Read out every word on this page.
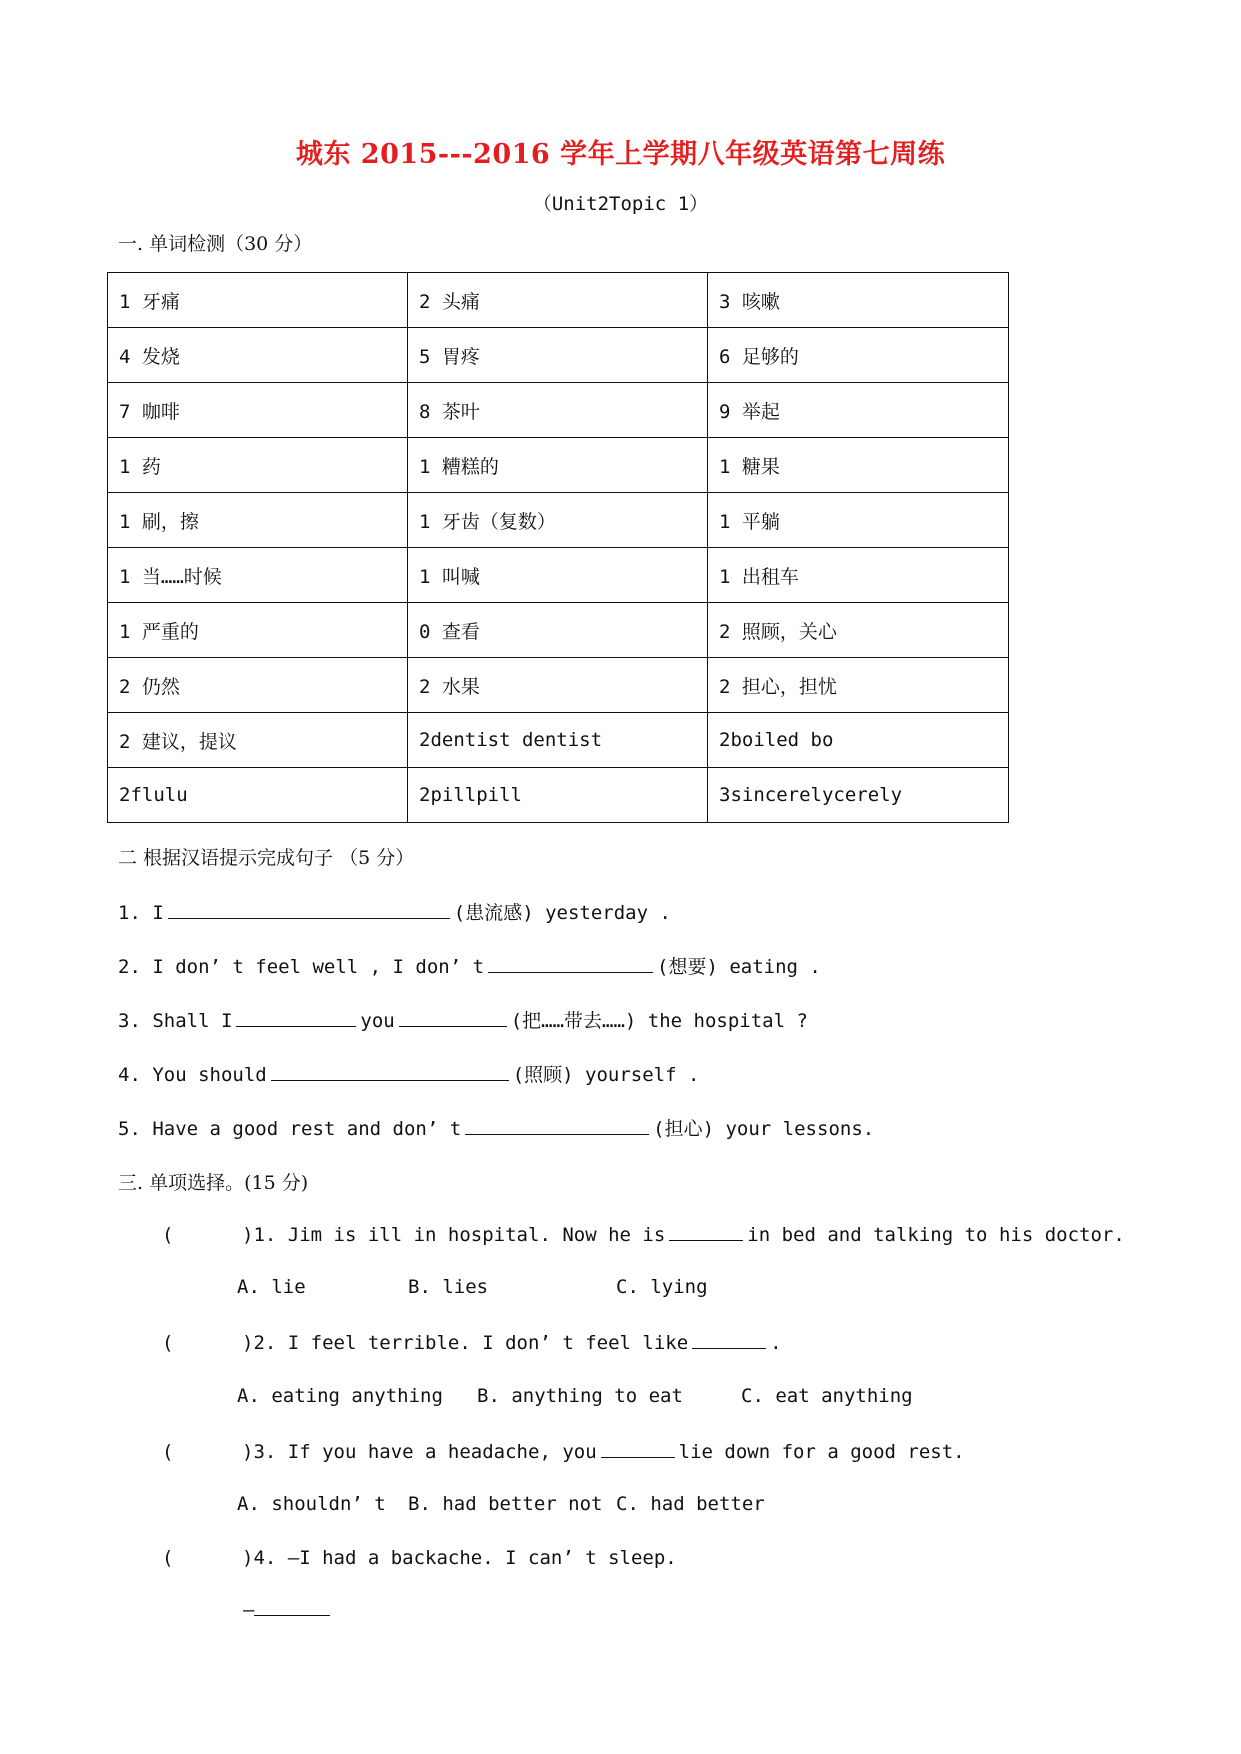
城东 2015---2016 学年上学期八年级英语第七周练
（Unit2Topic 1）
一. 单词检测（30 分）
1 牙痛	2 头痛	3 咳嗽
4 发烧	5 胃疼	6 足够的
7 咖啡	8 茶叶	9 举起
1 药	1 糟糕的	1 糖果
1 刷，擦	1 牙齿（复数）	1 平躺
1 当……时候	1 叫喊	1 出租车
1 严重的	0 查看	2 照顾，关心
2 仍然	2 水果	2 担心，担忧
2 建议，提议	2dentist dentist	2boiled bo
2flulu	2pillpill	3sincerelycerely
二 根据汉语提示完成句子 （5 分）
1. I	(患流感) yesterday .
2. I don’ t feel well , I don’ t	(想要) eating .
3. Shall I	you	(把……带去……) the hospital ?
4. You should	(照顾) yourself .
5. Have a good rest and don’ t	(担心) your lessons.
三. 单项选择。(15 分)
(	)1. Jim is ill in hospital. Now he is	in bed and talking to his doctor.
A. lie	B. lies	C. lying
(	)2. I feel terrible. I don’ t feel like	.
A. eating anything B. anything to eat	C. eat anything
(	)3. If you have a headache, you	lie down for a good rest.
A. shouldn’ t B. had better not C. had better
(	)4. —I had a backache. I can’ t sleep.
—
